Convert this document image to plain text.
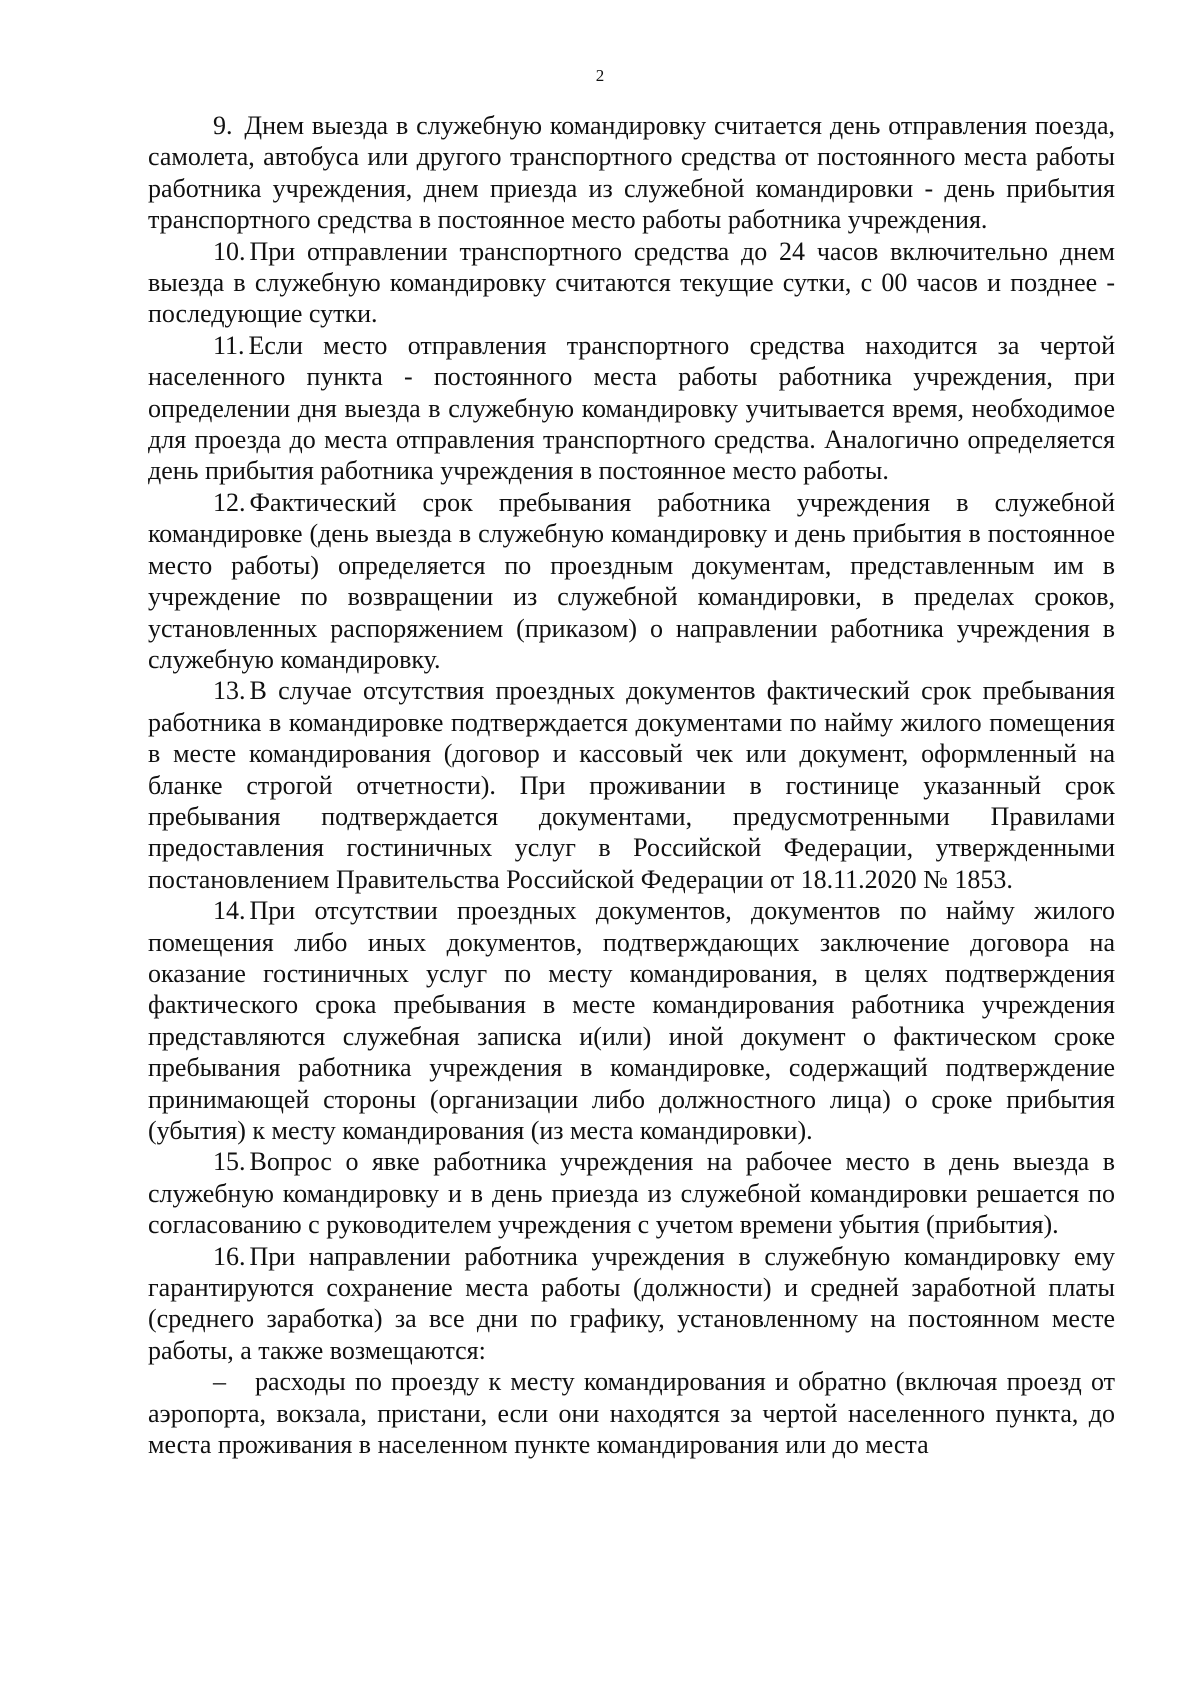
2

9. Днем выезда в служебную командировку считается день отправления поезда, самолета, автобуса или другого транспортного средства от постоянного места работы работника учреждения, днем приезда из служебной командировки - день прибытия транспортного средства в постоянное место работы работника учреждения.

10. При отправлении транспортного средства до 24 часов включительно днем выезда в служебную командировку считаются текущие сутки, с 00 часов и позднее - последующие сутки.

11. Если место отправления транспортного средства находится за чертой населенного пункта - постоянного места работы работника учреждения, при определении дня выезда в служебную командировку учитывается время, необходимое для проезда до места отправления транспортного средства. Аналогично определяется день прибытия работника учреждения в постоянное место работы.

12. Фактический срок пребывания работника учреждения в служебной командировке (день выезда в служебную командировку и день прибытия в постоянное место работы) определяется по проездным документам, представленным им в учреждение по возвращении из служебной командировки, в пределах сроков, установленных распоряжением (приказом) о направлении работника учреждения в служебную командировку.

13. В случае отсутствия проездных документов фактический срок пребывания работника в командировке подтверждается документами по найму жилого помещения в месте командирования (договор и кассовый чек или документ, оформленный на бланке строгой отчетности). При проживании в гостинице указанный срок пребывания подтверждается документами, предусмотренными Правилами предоставления гостиничных услуг в Российской Федерации, утвержденными постановлением Правительства Российской Федерации от 18.11.2020 № 1853.

14. При отсутствии проездных документов, документов по найму жилого помещения либо иных документов, подтверждающих заключение договора на оказание гостиничных услуг по месту командирования, в целях подтверждения фактического срока пребывания в месте командирования работника учреждения представляются служебная записка и(или) иной документ о фактическом сроке пребывания работника учреждения в командировке, содержащий подтверждение принимающей стороны (организации либо должностного лица) о сроке прибытия (убытия) к месту командирования (из места командировки).

15. Вопрос о явке работника учреждения на рабочее место в день выезда в служебную командировку и в день приезда из служебной командировки решается по согласованию с руководителем учреждения с учетом времени убытия (прибытия).

16. При направлении работника учреждения в служебную командировку ему гарантируются сохранение места работы (должности) и средней заработной платы (среднего заработка) за все дни по графику, установленному на постоянном месте работы, а также возмещаются:

– расходы по проезду к месту командирования и обратно (включая проезд от аэропорта, вокзала, пристани, если они находятся за чертой населенного пункта, до места проживания в населенном пункте командирования или до места
